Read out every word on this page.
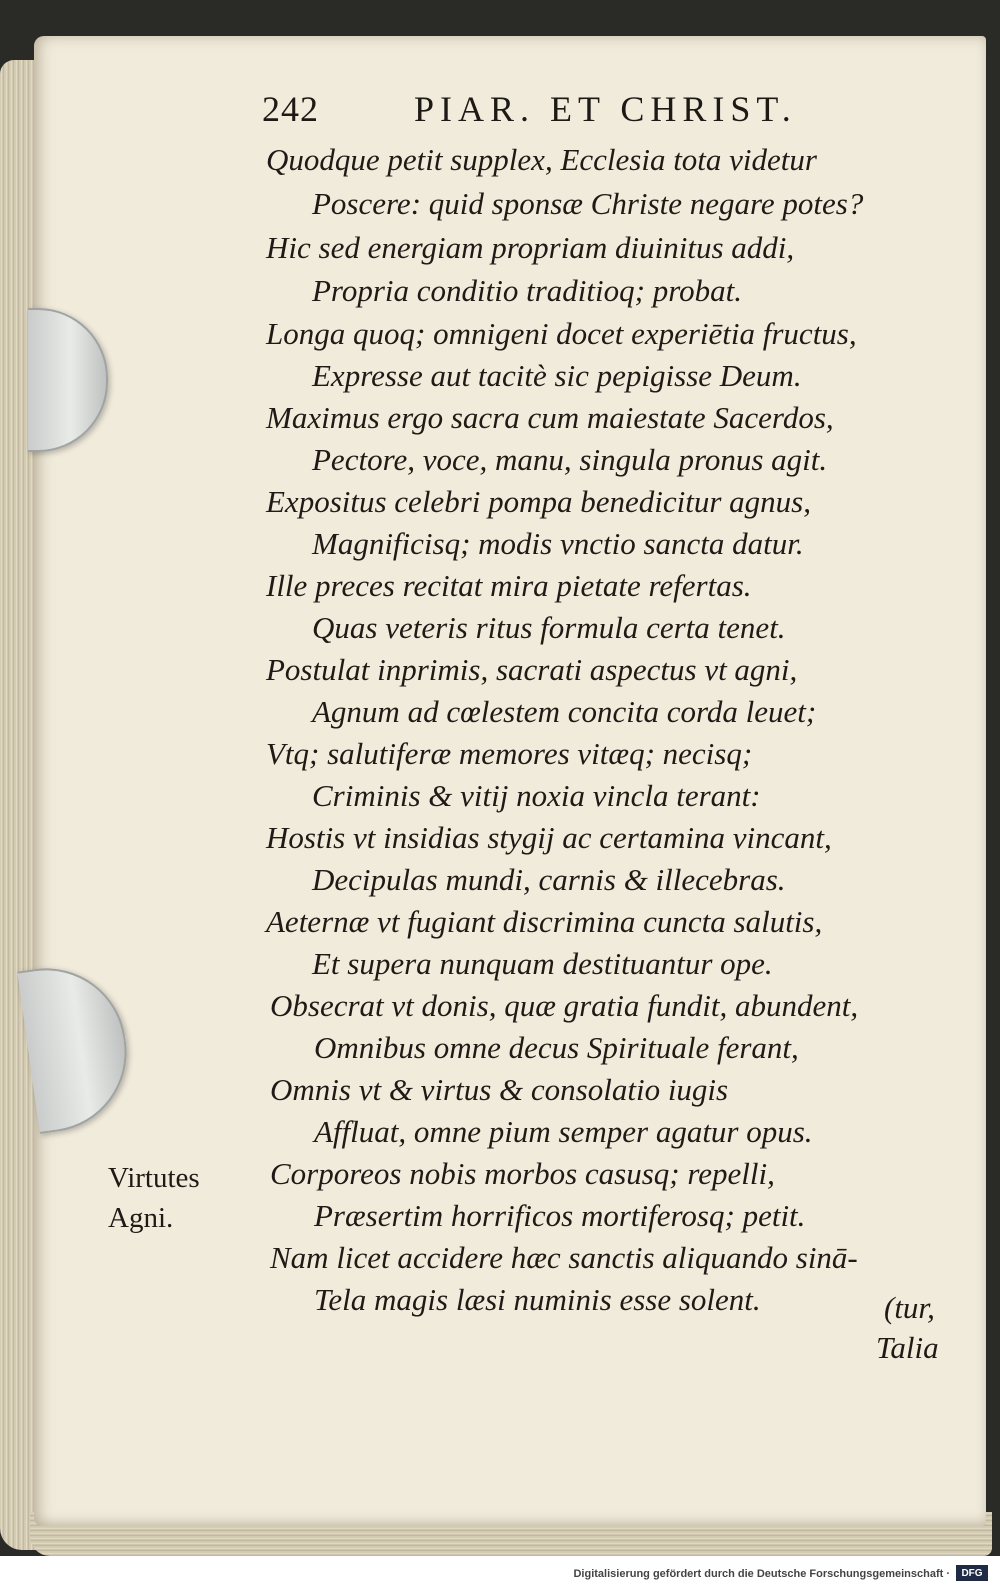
242	PIAR. ET CHRIST.
Quodque petit supplex, Ecclesia tota videtur
Poscere: quid sponsæ Christe negare potes?
Hic sed energiam propriam diuinitus addi,
Propria conditio traditioq; probat.
Longa quoq; omnigeni docet experiētia fructus,
Expresse aut tacitè sic pepigisse Deum.
Maximus ergo sacra cum maiestate Sacerdos,
Pectore, voce, manu, singula pronus agit.
Expositus celebri pompa benedicitur agnus,
Magnificisq; modis vnctio sancta datur.
Ille preces recitat mira pietate refertas.
Quas veteris ritus formula certa tenet.
Postulat inprimis, sacrati aspectus vt agni,
Agnum ad cœlestem concita corda leuet;
Vtq; salutiferæ memores vitæq; necisq;
Criminis & vitij noxia vincla terant:
Hostis vt insidias stygij ac certamina vincant,
Decipulas mundi, carnis & illecebras.
Aeternæ vt fugiant discrimina cuncta salutis,
Et supera nunquam destituantur ope.
Obsecrat vt donis, quæ gratia fundit, abundent,
Omnibus omne decus Spirituale ferant,
Omnis vt & virtus & consolatio iugis
Affluat, omne pium semper agatur opus.
Corporeos nobis morbos casusq; repelli,
Præsertim horrificos mortiferosq; petit.
Nam licet accidere hæc sanctis aliquando sinā-
Tela magis læsi numinis esse solent.	(tur,
Virtutes
Agni.
Talia
Digitalisierung gefördert durch die Deutsche Forschungsgemeinschaft ·	DFG
